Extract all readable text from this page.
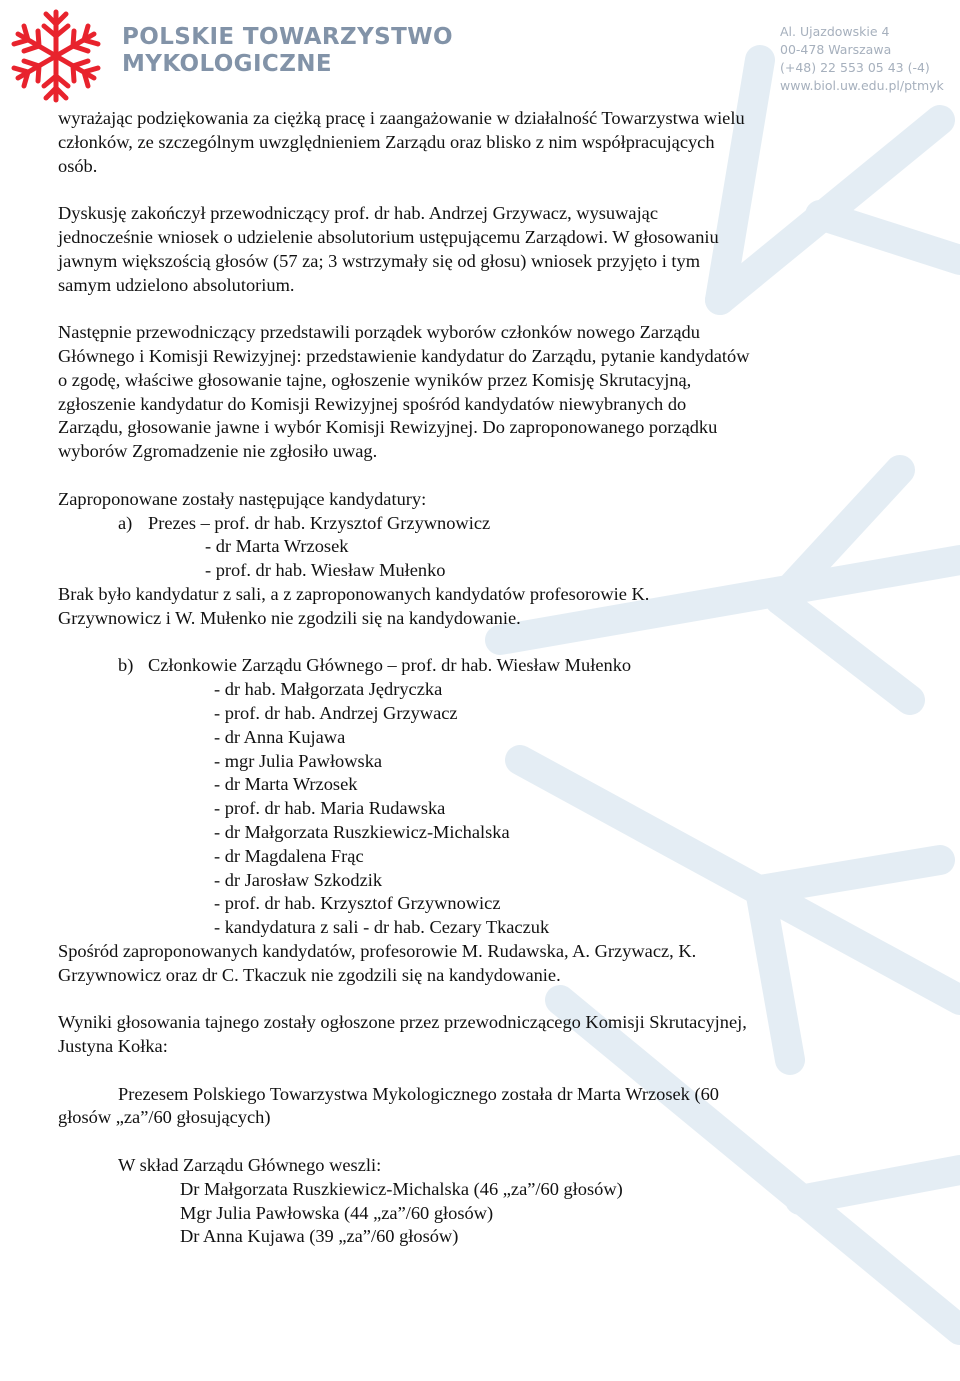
POLSKIE TOWARZYSTWO
MYKOLOGICZNE
Al. Ujazdowskie 4
00-478 Warszawa
(+48) 22 553 05 43 (-4)
www.biol.uw.edu.pl/ptmyk

wyrażając podziękowania za ciężką pracę i zaangażowanie w działalność Towarzystwa wielu

członków, ze szczególnym uwzględnieniem Zarządu oraz blisko z nim współpracujących

osób.

Dyskusję zakończył przewodniczący prof. dr hab. Andrzej Grzywacz, wysuwając

jednocześnie wniosek o udzielenie absolutorium ustępującemu Zarządowi. W głosowaniu

jawnym większością głosów (57 za; 3 wstrzymały się od głosu) wniosek przyjęto i tym

samym udzielono absolutorium.

Następnie przewodniczący przedstawili porządek wyborów członków nowego Zarządu

Głównego i Komisji Rewizyjnej: przedstawienie kandydatur do Zarządu, pytanie kandydatów

o zgodę, właściwe głosowanie tajne, ogłoszenie wyników przez Komisję Skrutacyjną,

zgłoszenie kandydatur do Komisji Rewizyjnej spośród kandydatów niewybranych do

Zarządu, głosowanie jawne i wybór Komisji Rewizyjnej. Do zaproponowanego porządku

wyborów Zgromadzenie nie zgłosiło uwag.

Zaproponowane zostały następujące kandydatury:

a) Prezes – prof. dr hab. Krzysztof Grzywnowicz

- dr Marta Wrzosek

- prof. dr hab. Wiesław Mułenko

Brak było kandydatur z sali, a z zaproponowanych kandydatów profesorowie K.

Grzywnowicz i W. Mułenko nie zgodzili się na kandydowanie.

b) Członkowie Zarządu Głównego – prof. dr hab. Wiesław Mułenko

- dr hab. Małgorzata Jędryczka

- prof. dr hab. Andrzej Grzywacz

- dr Anna Kujawa

- mgr Julia Pawłowska

- dr Marta Wrzosek

- prof. dr hab. Maria Rudawska

- dr Małgorzata Ruszkiewicz-Michalska

- dr Magdalena Frąc

- dr Jarosław Szkodzik

- prof. dr hab. Krzysztof Grzywnowicz

- kandydatura z sali - dr hab. Cezary Tkaczuk

Spośród zaproponowanych kandydatów, profesorowie M. Rudawska, A. Grzywacz, K.

Grzywnowicz oraz dr C. Tkaczuk nie zgodzili się na kandydowanie.

Wyniki głosowania tajnego zostały ogłoszone przez przewodniczącego Komisji Skrutacyjnej,

Justyna Kołka:

Prezesem Polskiego Towarzystwa Mykologicznego została dr Marta Wrzosek (60

głosów „za”/60 głosujących)

W skład Zarządu Głównego weszli:

Dr Małgorzata Ruszkiewicz-Michalska (46 „za”/60 głosów)

Mgr Julia Pawłowska (44 „za”/60 głosów)

Dr Anna Kujawa (39 „za”/60 głosów)
